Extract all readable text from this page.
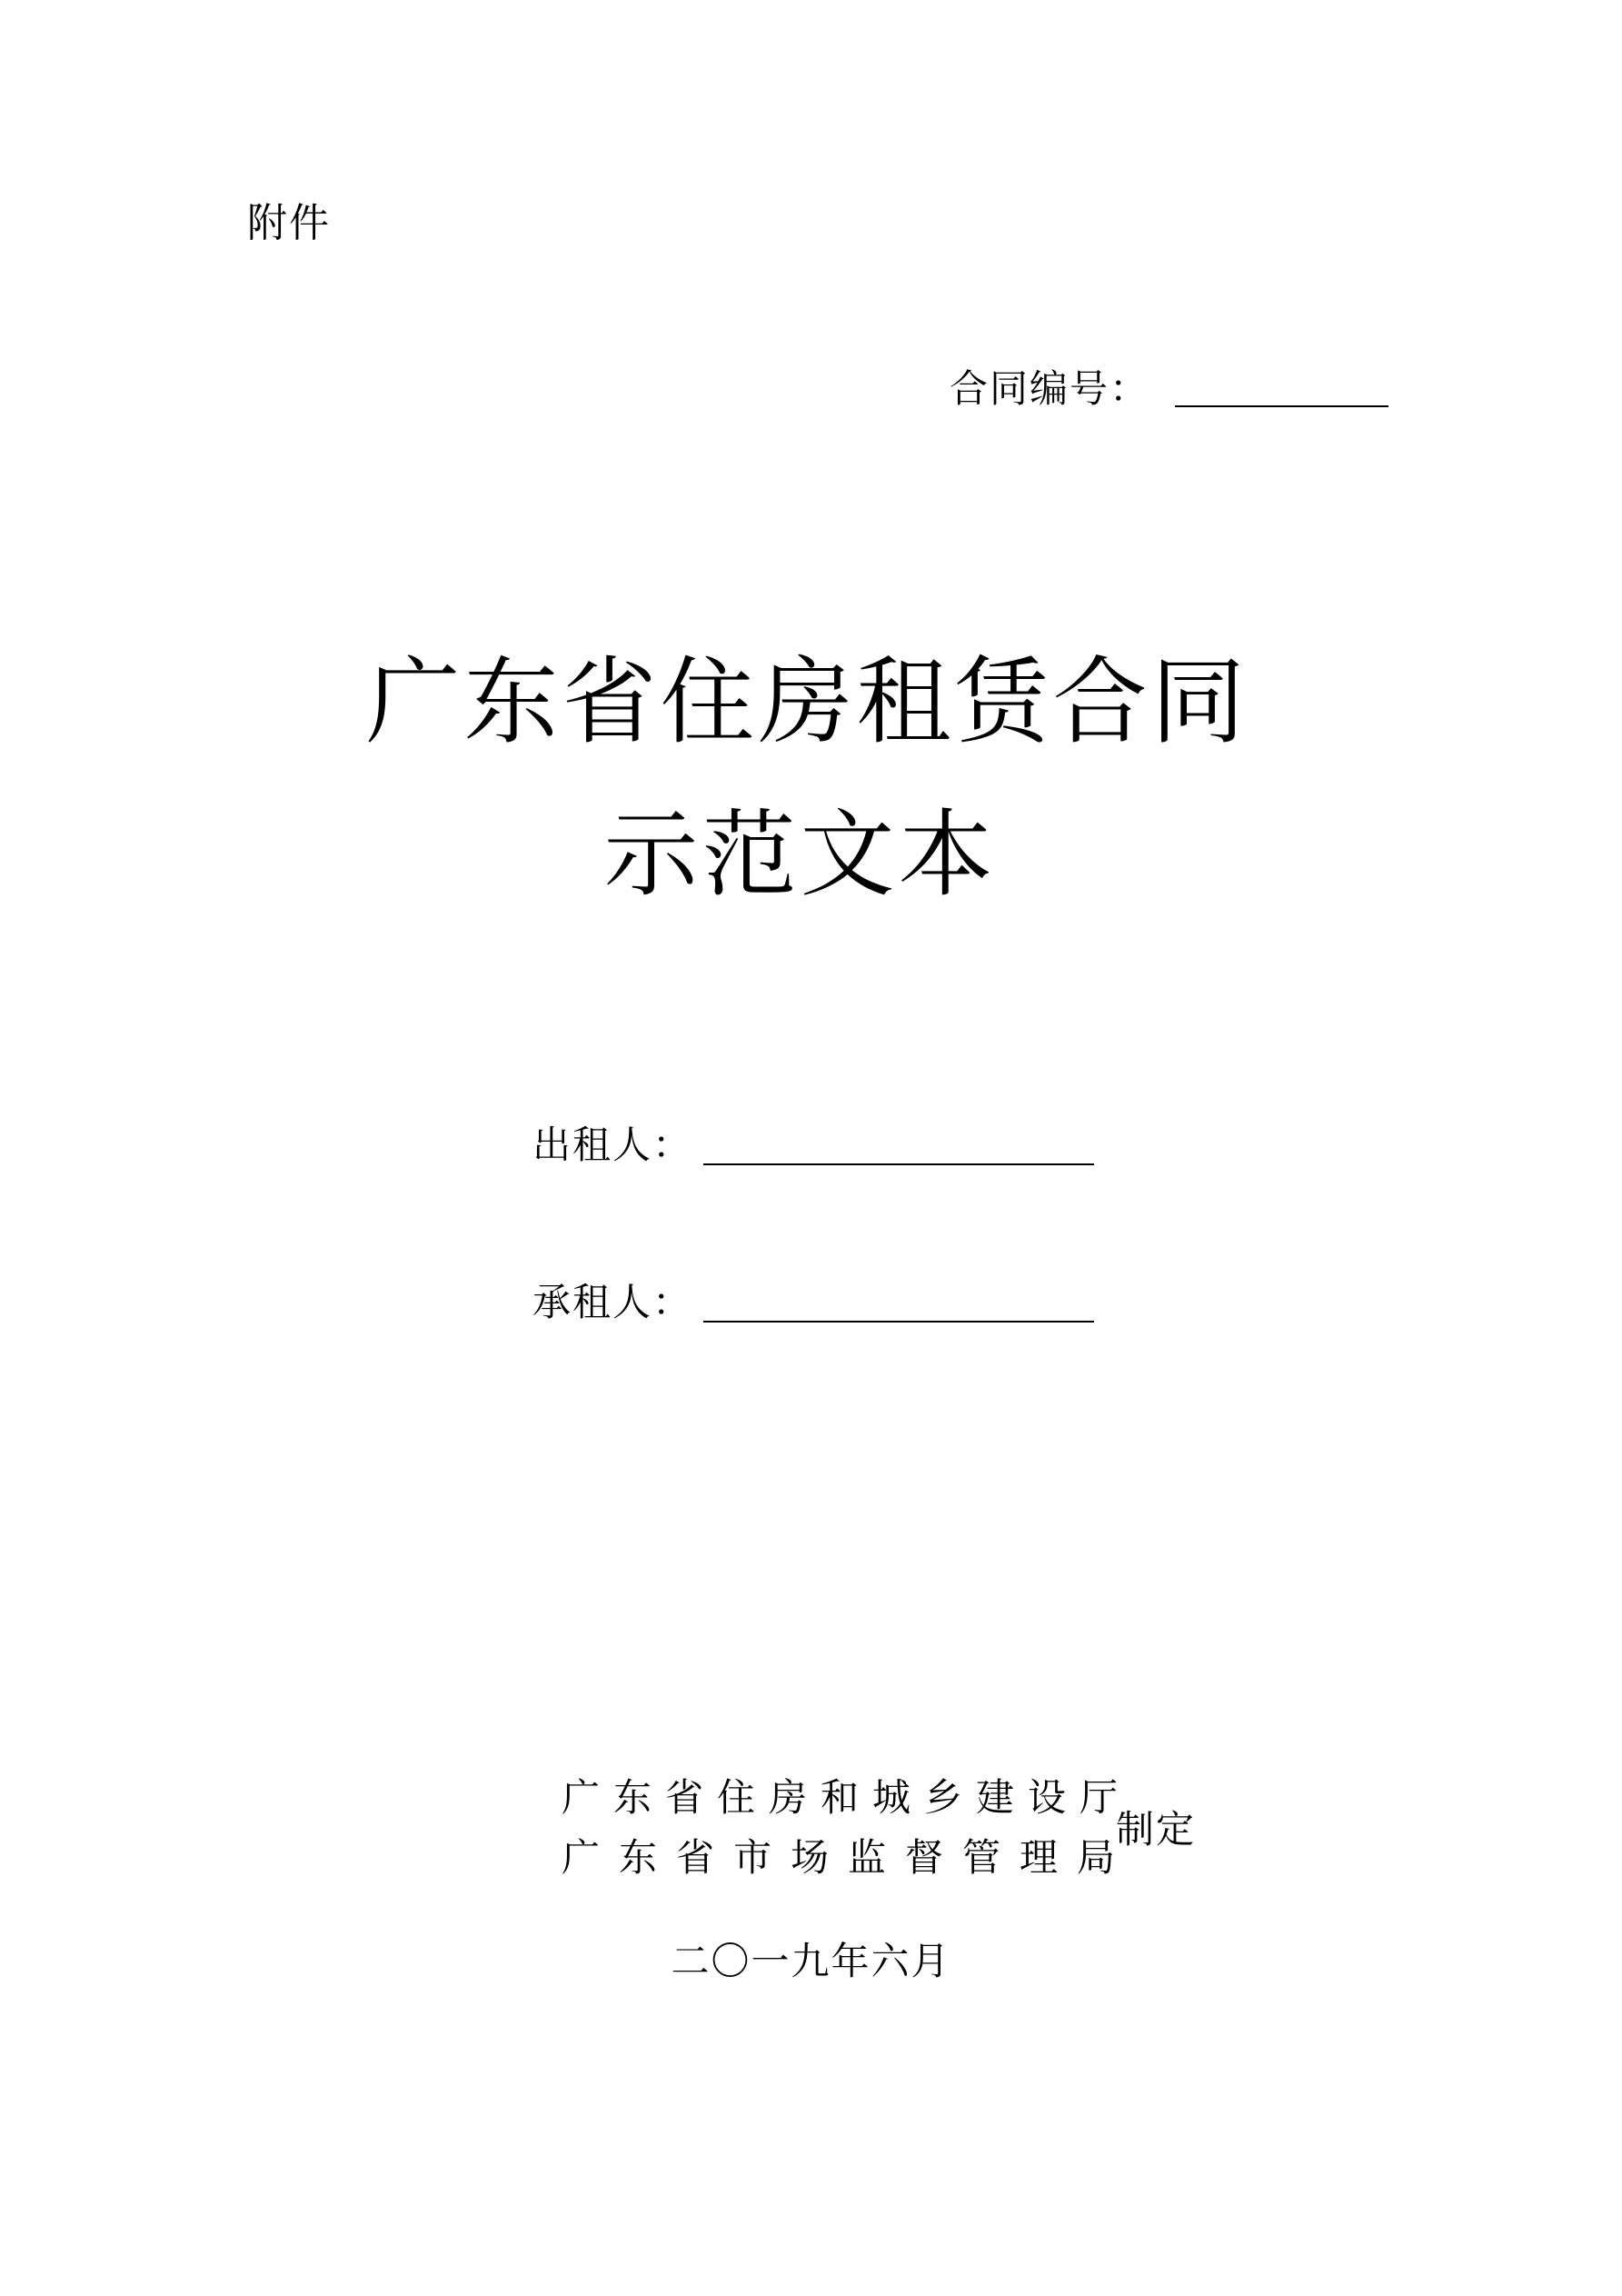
附件
合同编号：
广东省住房租赁合同
示范文本
出租人：
承租人：
广东省住房和城乡建设厅
广东省市场监督管理局
制定
二〇一九年六月
